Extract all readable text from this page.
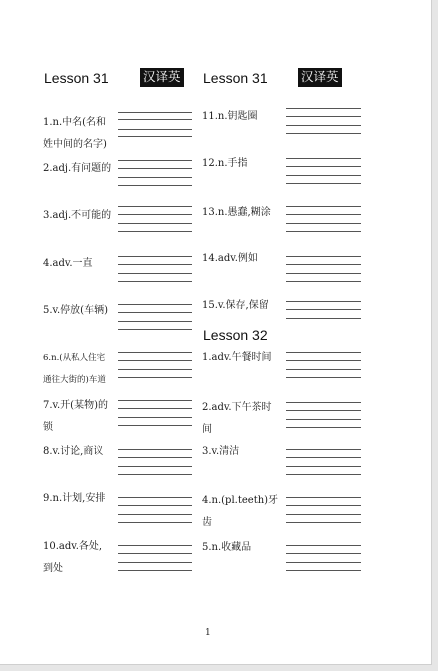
Lesson 31	汉译英 Lesson 31	汉译英
1.n.中名(名和
姓中间的名字)
2.adj.有问题的
3.adj.不可能的
4.adv.一直
5.v.停放(车辆)
6.n.(从私人住宅
通往大街的)车道
7.v.开(某物)的
锁
8.v.讨论,商议
9.n.计划,安排
10.adv.各处,
到处
11.n.钥匙圈
12.n.手指
13.n.愚蠢,糊涂
14.adv.例如
15.v.保存,保留
Lesson 32
1.adv.午餐时间
2.adv.下午茶时
间
3.v.清洁
4.n.(pl.teeth)牙
齿
5.n.收藏品
1
